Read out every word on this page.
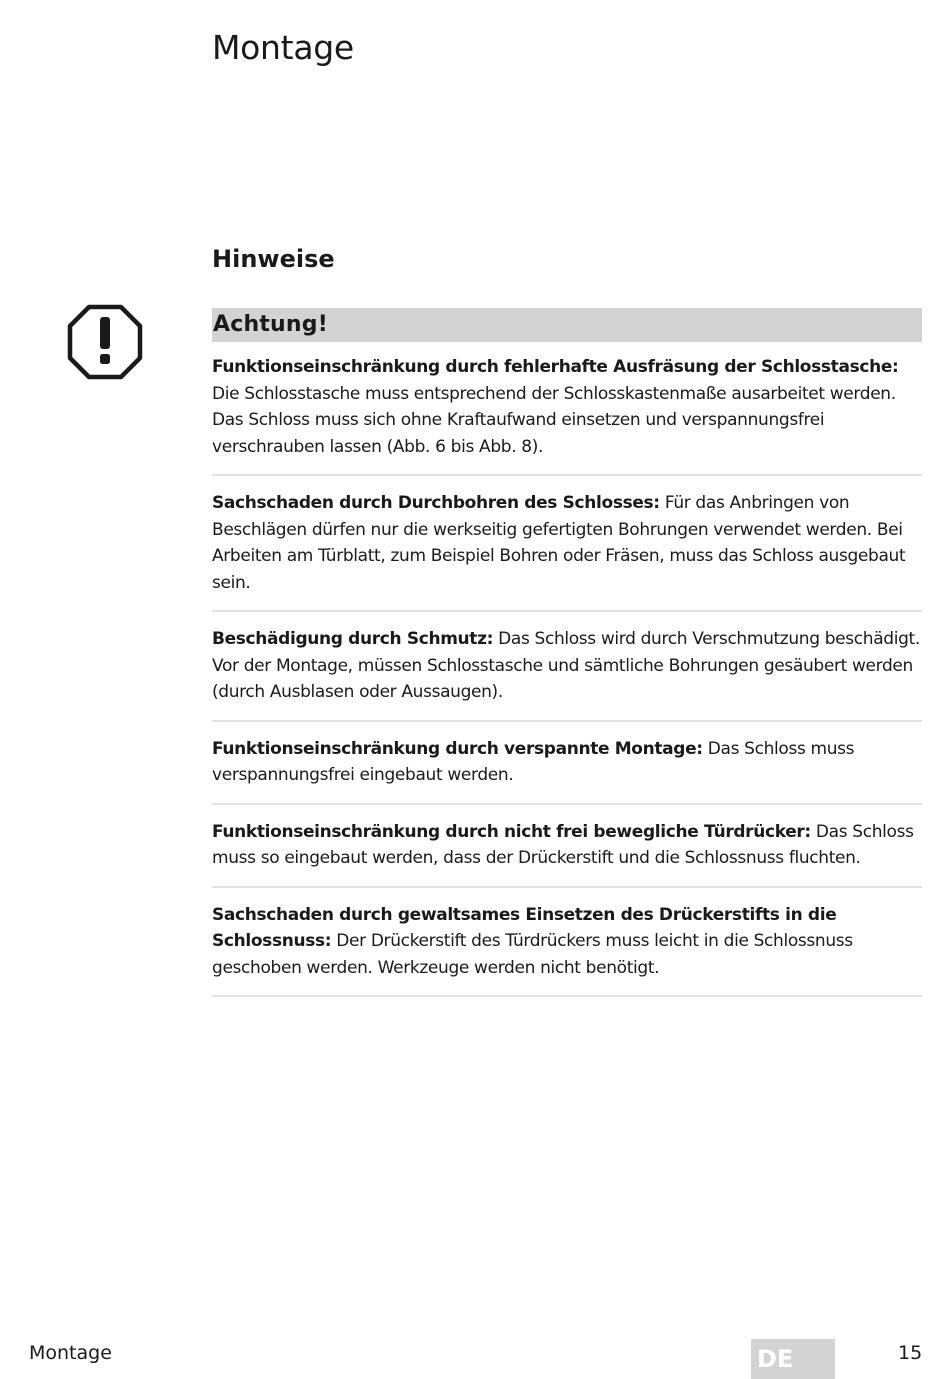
Montage
Hinweise
Achtung!
Funktionseinschränkung durch fehlerhafte Ausfräsung der Schlosstasche: Die Schlosstasche muss entsprechend der Schlosskastenmaße ausarbeitet werden. Das Schloss muss sich ohne Kraftaufwand einsetzen und verspannungsfrei verschrauben lassen (Abb. 6 bis Abb. 8).
Sachschaden durch Durchbohren des Schlosses: Für das Anbringen von Beschlägen dürfen nur die werkseitig gefertigten Bohrungen verwendet werden. Bei Arbeiten am Türblatt, zum Beispiel Bohren oder Fräsen, muss das Schloss ausgebaut sein.
Beschädigung durch Schmutz: Das Schloss wird durch Verschmutzung beschädigt. Vor der Montage, müssen Schlosstasche und sämtliche Bohrungen gesäubert werden (durch Ausblasen oder Aussaugen).
Funktionseinschränkung durch verspannte Montage: Das Schloss muss verspannungsfrei eingebaut werden.
Funktionseinschränkung durch nicht frei bewegliche Türdrücker: Das Schloss muss so eingebaut werden, dass der Drückerstift und die Schlossnuss fluchten.
Sachschaden durch gewaltsames Einsetzen des Drückerstifts in die Schlossnuss: Der Drückerstift des Türdrückers muss leicht in die Schlossnuss geschoben werden. Werkzeuge werden nicht benötigt.
Montage	DE	15
